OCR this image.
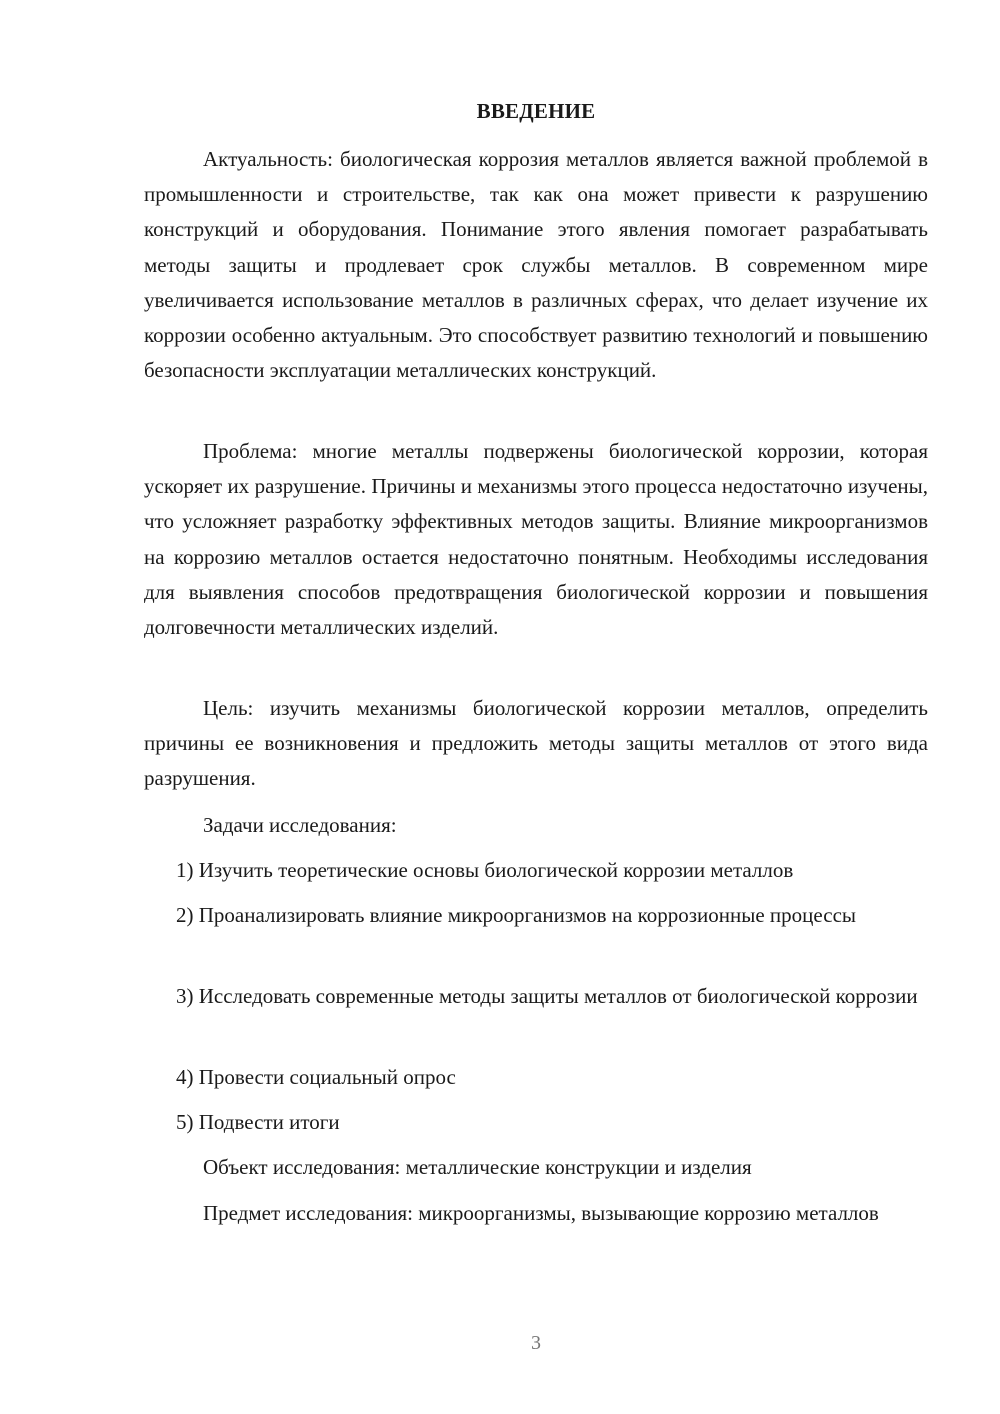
ВВЕДЕНИЕ

Актуальность: биологическая коррозия металлов является важной проблемой в промышленности и строительстве, так как она может привести к разрушению конструкций и оборудования. Понимание этого явления помогает разрабатывать методы защиты и продлевает срок службы металлов. В современном мире увеличивается использование металлов в различных сферах, что делает изучение их коррозии особенно актуальным. Это способствует развитию технологий и повышению безопасности эксплуатации металлических конструкций.

Проблема: многие металлы подвержены биологической коррозии, которая ускоряет их разрушение. Причины и механизмы этого процесса недостаточно изучены, что усложняет разработку эффективных методов защиты. Влияние микроорганизмов на коррозию металлов остается недостаточно понятным. Необходимы исследования для выявления способов предотвращения биологической коррозии и повышения долговечности металлических изделий.

Цель: изучить механизмы биологической коррозии металлов, определить причины ее возникновения и предложить методы защиты металлов от этого вида разрушения.

Задачи исследования:

1) Изучить теоретические основы биологической коррозии металлов

2) Проанализировать влияние микроорганизмов на коррозионные процессы

3) Исследовать современные методы защиты металлов от биологической коррозии

4) Провести социальный опрос

5) Подвести итоги

Объект исследования: металлические конструкции и изделия

Предмет исследования: микроорганизмы, вызывающие коррозию металлов

3
